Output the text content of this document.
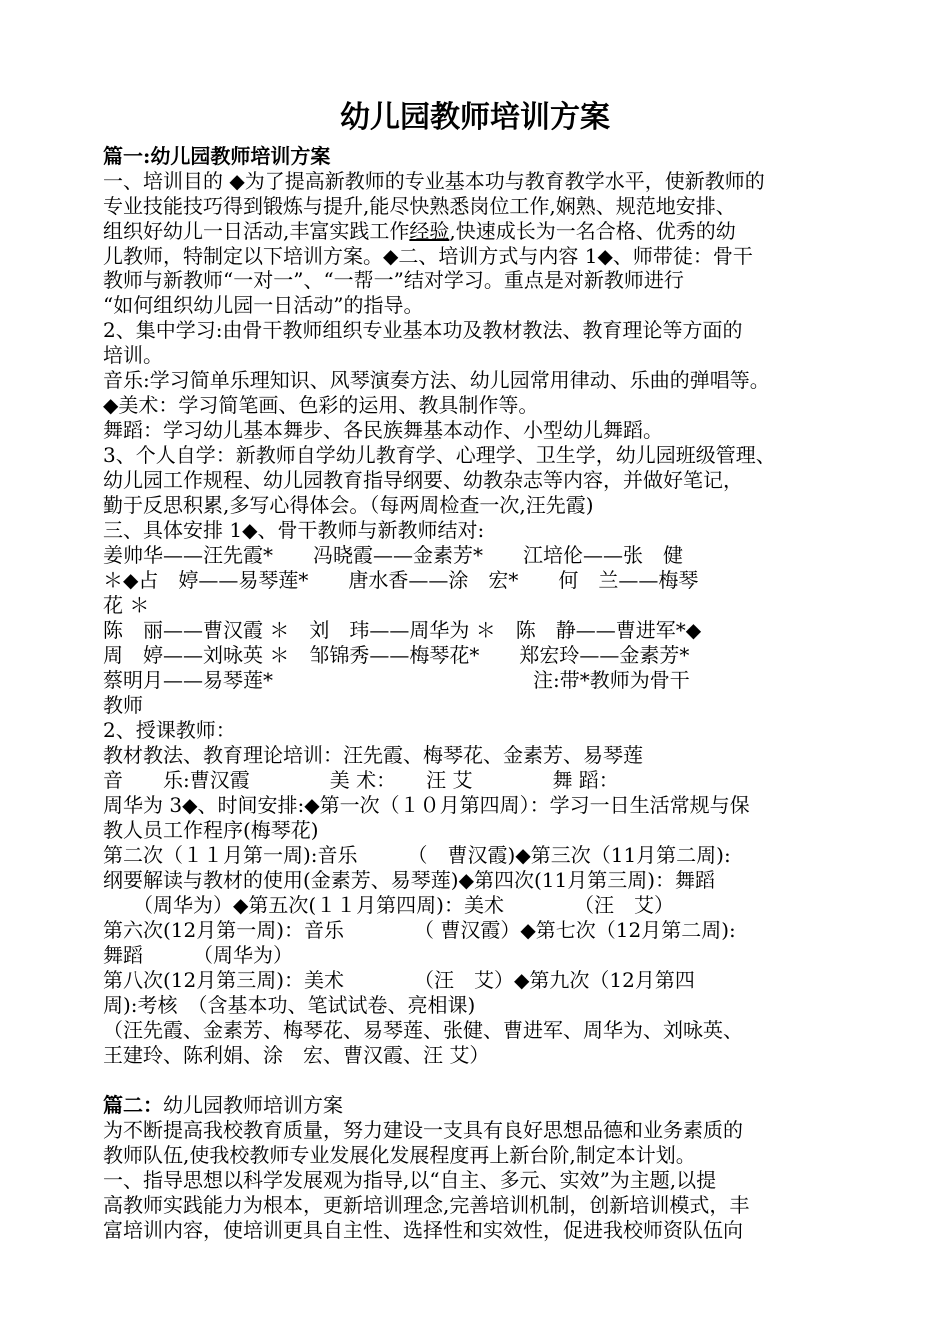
幼儿园教师培训方案
篇一:幼儿园教师培训方案
一、培训目的 ◆为了提高新教师的专业基本功与教育教学水平，使新教师的
专业技能技巧得到锻炼与提升,能尽快熟悉岗位工作,娴熟、规范地安排、
组织好幼儿一日活动,丰富实践工作经验,快速成长为一名合格、优秀的幼
儿教师，特制定以下培训方案。◆二、培训方式与内容 1◆、师带徒：骨干
教师与新教师“一对一”、“一帮一”结对学习。重点是对新教师进行
“如何组织幼儿园一日活动”的指导。
2、集中学习:由骨干教师组织专业基本功及教材教法、教育理论等方面的
培训。
音乐:学习简单乐理知识、风琴演奏方法、幼儿园常用律动、乐曲的弹唱等。
◆美术：学习简笔画、色彩的运用、教具制作等。
舞蹈：学习幼儿基本舞步、各民族舞基本动作、小型幼儿舞蹈。
3、个人自学：新教师自学幼儿教育学、心理学、卫生学，幼儿园班级管理、
幼儿园工作规程、幼儿园教育指导纲要、幼教杂志等内容，并做好笔记，
勤于反思积累,多写心得体会。（每两周检查一次,汪先霞)
三、具体安排 1◆、骨干教师与新教师结对:
姜帅华——汪先霞*　　冯晓霞——金素芳*　　江培伦——张　健
＊◆占　婷——易琴莲*　　唐水香——涂　宏*　　何　兰——梅琴
花 ＊
陈　丽——曹汉霞 ＊　刘　玮——周华为 ＊　陈　静——曹进军*◆
周　婷——刘咏英 ＊　邹锦秀——梅琴花*　　郑宏玲——金素芳*
蔡明月——易琴莲*　　　　　　　　　　　　　注:带*教师为骨干
教师
2、授课教师：
教材教法、教育理论培训：汪先霞、梅琴花、金素芳、易琴莲
音　　乐:曹汉霞　　　　美 术：　　汪 艾　　　　舞 蹈：
周华为 3◆、时间安排:◆第一次（１０月第四周）：学习一日生活常规与保
教人员工作程序(梅琴花)
第二次（１１月第一周):音乐　　　（　曹汉霞)◆第三次（11月第二周):
纲要解读与教材的使用(金素芳、易琴莲)◆第四次(11月第三周)：舞蹈
　　（周华为）◆第五次(１１月第四周)：美术　　　　（汪　艾）
第六次(12月第一周)：音乐　　　　（ 曹汉霞）◆第七次（12月第二周):
舞蹈　　　（周华为）
第八次(12月第三周)：美术　　　　（汪　艾）◆第九次（12月第四
周):考核　（含基本功、笔试试卷、亮相课)
（汪先霞、金素芳、梅琴花、易琴莲、张健、曹进军、周华为、刘咏英、
王建玲、陈利娟、涂　宏、曹汉霞、汪 艾）
篇二：幼儿园教师培训方案
为不断提高我校教育质量，努力建设一支具有良好思想品德和业务素质的
教师队伍,使我校教师专业发展化发展程度再上新台阶,制定本计划。
一、指导思想以科学发展观为指导,以“自主、多元、实效”为主题,以提
高教师实践能力为根本，更新培训理念,完善培训机制，创新培训模式，丰
富培训内容，使培训更具自主性、选择性和实效性，促进我校师资队伍向
